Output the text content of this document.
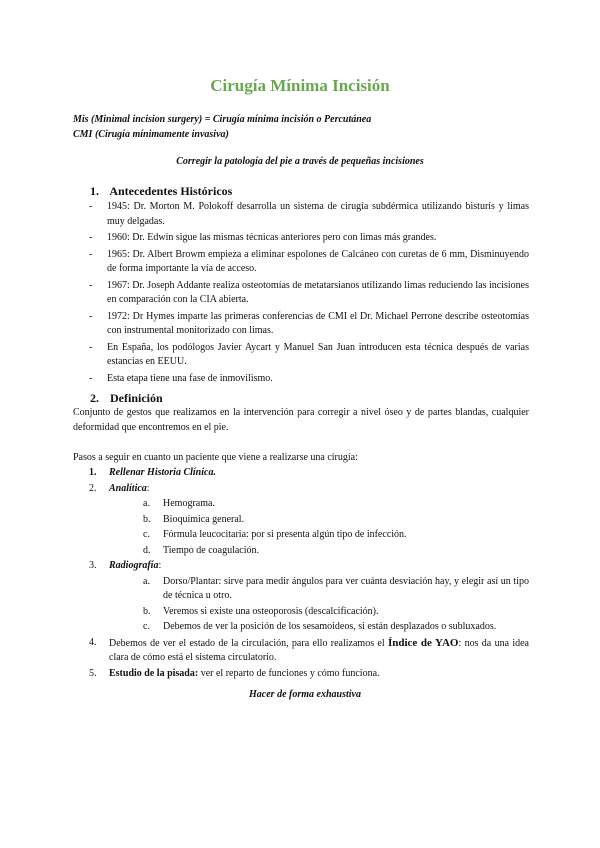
Cirugía Mínima Incisión
Mis (Minimal incision surgery) = Cirugía mínima incisión o Percutánea
CMI (Cirugía mínimamente invasiva)
Corregir la patología del pie a través de pequeñas incisiones
1. Antecedentes Históricos
- 1945: Dr. Morton M. Polokoff desarrolla un sistema de cirugía subdérmica utilizando bisturís y limas muy delgadas.
- 1960: Dr. Edwin sigue las mismas técnicas anteriores pero con limas más grandes.
- 1965: Dr. Albert Browm empieza a eliminar espolones de Calcáneo con curetas de 6 mm, Disminuyendo de forma importante la vía de acceso.
- 1967: Dr. Joseph Addante realiza osteotomías de metatarsianos utilizando limas reduciendo las incisiones en comparación con la CIA abierta.
- 1972: Dr Hymes imparte las primeras conferencias de CMI el Dr. Michael Perrone describe osteotomías con instrumental monitorizado con limas.
- En España, los podólogos Javier Aycart y Manuel San Juan introducen esta técnica después de varias estancias en EEUU.
- Esta etapa tiene una fase de inmovilismo.
2. Definición
Conjunto de gestos que realizamos en la intervención para corregir a nivel óseo y de partes blandas, cualquier deformidad que encontremos en el pie.
Pasos a seguir en cuanto un paciente que viene a realizarse una cirugía:
1. Rellenar Historia Clínica.
2. Analítica:
a. Hemograma.
b. Bioquímica general.
c. Fórmula leucocitaria: por si presenta algún tipo de infección.
d. Tiempo de coagulación.
3. Radiografía:
a. Dorso/Plantar: sirve para medir ángulos para ver cuánta desviación hay, y elegir así un tipo de técnica u otro.
b. Veremos si existe una osteoporosis (descalcificación).
c. Debemos de ver la posición de los sesamoideos, si están desplazados o subluxados.
4. Debemos de ver el estado de la circulación, para ello realizamos el Índice de YAO: nos da una idea clara de cómo está el sistema circulatorio.
5. Estudio de la pisada: ver el reparto de funciones y cómo funciona.
Hacer de forma exhaustiva
